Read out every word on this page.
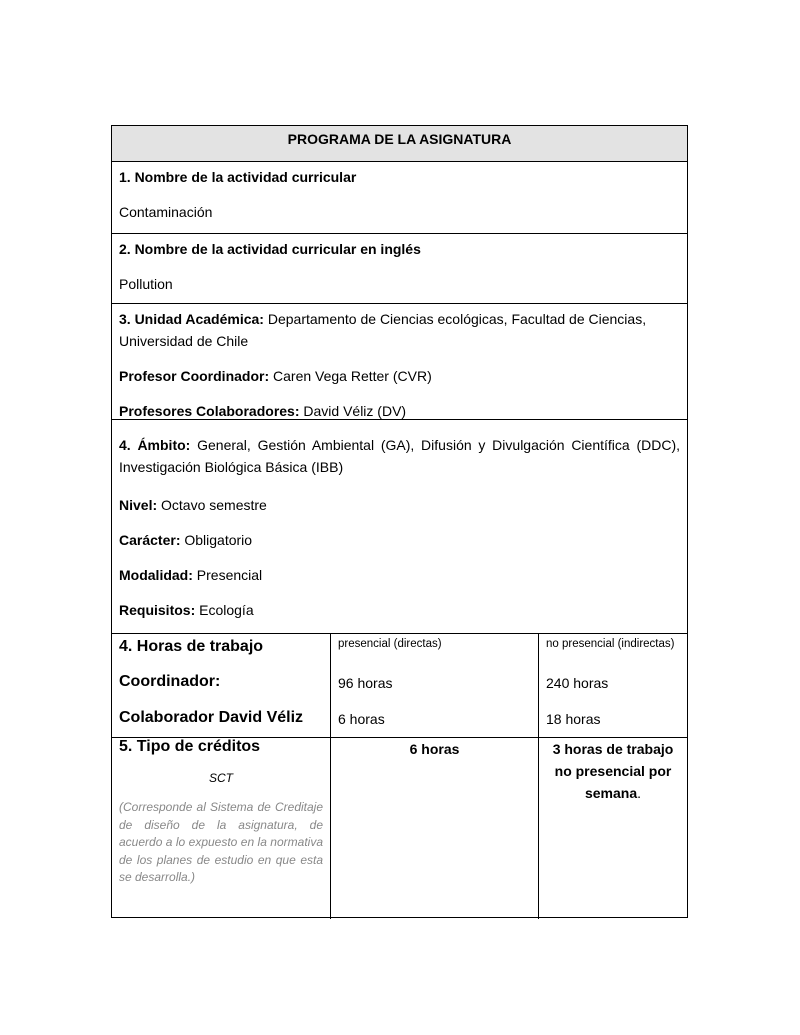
PROGRAMA DE LA ASIGNATURA
1. Nombre de la actividad curricular
Contaminación
2. Nombre de la actividad curricular en inglés
Pollution
3. Unidad Académica: Departamento de Ciencias ecológicas, Facultad de Ciencias,
Universidad de Chile
Profesor Coordinador: Caren Vega Retter (CVR)
Profesores Colaboradores: David Véliz (DV)
4. Ámbito: General, Gestión Ambiental (GA), Difusión y Divulgación Científica (DDC), Investigación Biológica Básica (IBB)
Nivel: Octavo semestre
Carácter: Obligatorio
Modalidad: Presencial
Requisitos: Ecología
4. Horas de trabajo	presencial (directas)	no presencial (indirectas)
Coordinador:	96 horas	240 horas
Colaborador David Véliz 6 horas	18 horas
5. Tipo de créditos
SCT
(Corresponde al Sistema de Creditaje de diseño de la asignatura, de acuerdo a lo expuesto en la normativa de los planes de estudio en que esta se desarrolla.)
6 horas	3 horas de trabajo
no presencial por
semana.
